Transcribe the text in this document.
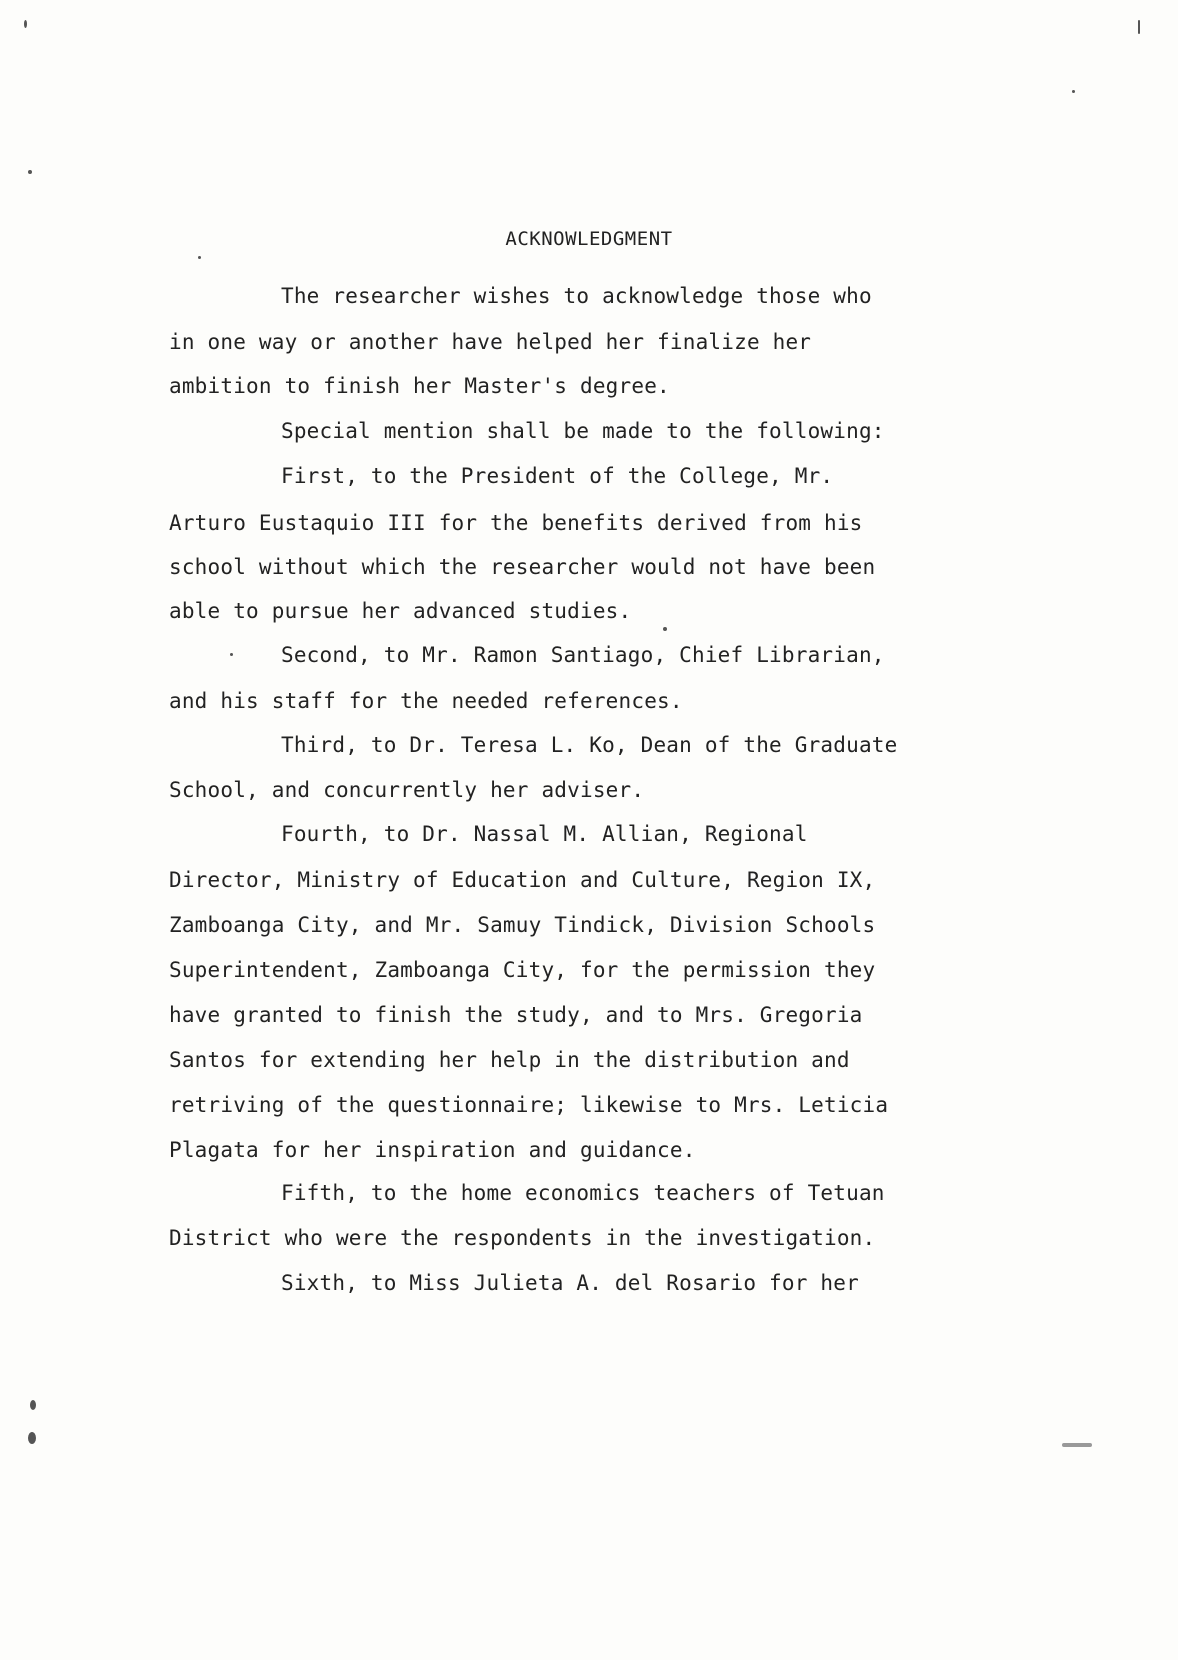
ACKNOWLEDGMENT
The researcher wishes to acknowledge those who
in one way or another have helped her finalize her
ambition to finish her Master's degree.
Special mention shall be made to the following:
First, to the President of the College, Mr.
Arturo Eustaquio III for the benefits derived from his
school without which the researcher would not have been
able to pursue her advanced studies.
Second, to Mr. Ramon Santiago, Chief Librarian,
and his staff for the needed references.
Third, to Dr. Teresa L. Ko, Dean of the Graduate
School, and concurrently her adviser.
Fourth, to Dr. Nassal M. Allian, Regional
Director, Ministry of Education and Culture, Region IX,
Zamboanga City, and Mr. Samuy Tindick, Division Schools
Superintendent, Zamboanga City, for the permission they
have granted to finish the study, and to Mrs. Gregoria
Santos for extending her help in the distribution and
retriving of the questionnaire; likewise to Mrs. Leticia
Plagata for her inspiration and guidance.
Fifth, to the home economics teachers of Tetuan
District who were the respondents in the investigation.
Sixth, to Miss Julieta A. del Rosario for her
